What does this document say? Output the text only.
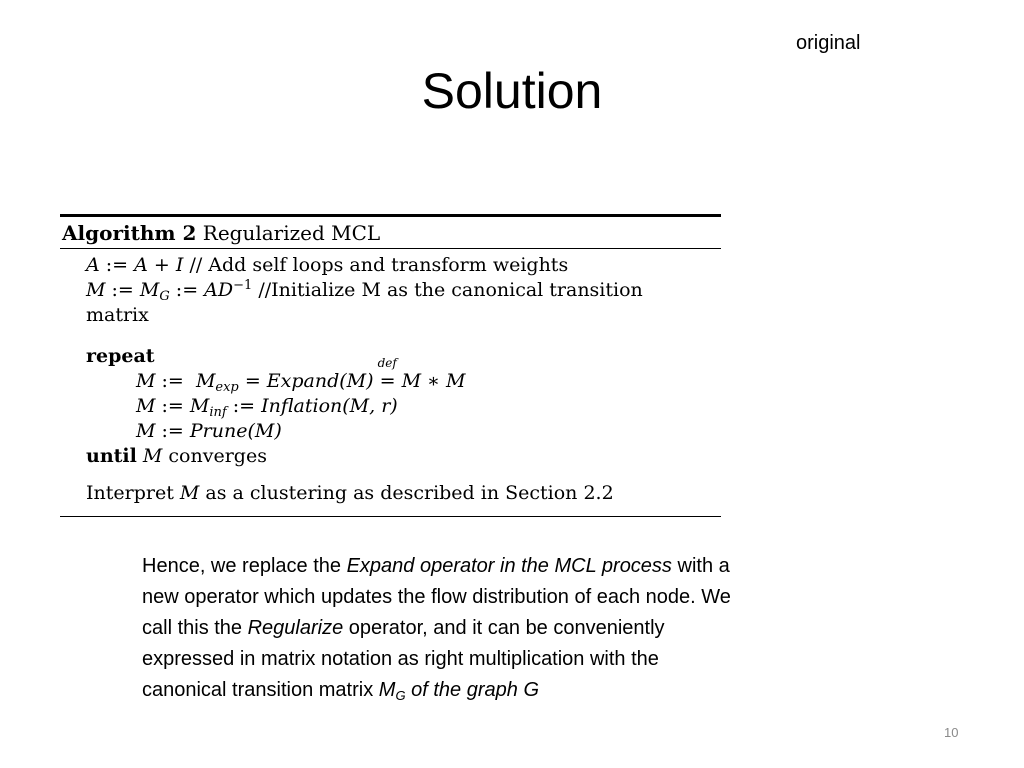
original
Solution
Algorithm 2 Regularized MCL
A := A + I // Add self loops and transform weights
M := $M_G$ := $AD^{-1}$ //Initialize M as the canonical transition
matrix
repeat
M := $M_{exp}$ = Expand(M)
def
= M ∗ M
M := $M_{inf}$ := Inflation(M, r)
M := Prune(M)
until M converges
Interpret M as a clustering as described in Section 2.2
Hence, we replace the Expand operator in the MCL process with a new operator which updates the flow distribution of each node. We call this the Regularize operator, and it can be conveniently expressed in matrix notation as right multiplication with the canonical transition matrix $M_G$ of the graph G
10
